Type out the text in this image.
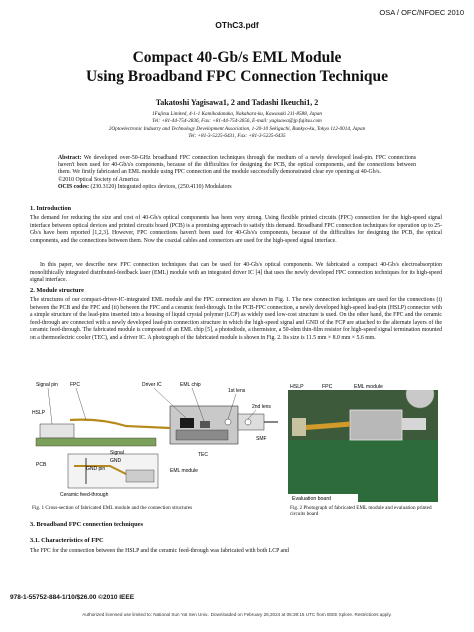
OSA / OFC/NFOEC 2010
OThC3.pdf
Compact 40-Gb/s EML Module
Using Broadband FPC Connection Technique
Takatoshi Yagisawa1, 2 and Tadashi Ikeuchi1, 2
1Fujitsu Limited, 4-1-1 Kamikodanaka, Nakahara-ku, Kawasaki 211-8588, Japan
Tel: +81-44-754-2836, Fax: +81-44-754-2656, E-mail: yagisawa@jp.fujitsu.com
2Optoelectronic Industry and Technology Development Association, 1-20-10 Sekiguchi, Bunkyo-ku, Tokyo 112-0014, Japan
Tel: +81-3-5225-6431, Fax: +81-3-5225-6435
Abstract: We developed over-50-GHz broadband FPC connection techniques through the medium of a newly developed lead-pin. FPC connections haven't been used for 40-Gb/s's components, because of the difficulties for designing the PCB, the optical components, and the connections between them. We firstly fabricated an EML module using FPC connection and the module successfully demonstrated clear eye opening at 40-Gb/s.
©2010 Optical Society of America
OCIS codes: (230.3120) Integrated optics devices, (250.4110) Modulators
1. Introduction
The demand for reducing the size and cost of 40-Gb/s optical components has been very strong. Using flexible printed circuits (FPC) connection for the high-speed signal interface between optical devices and printed circuits board (PCB) is a promising approach to satisfy this demand. Broadband FPC connection techniques for operation up to 25-Gb/s have been reported [1,2,3]. However, FPC connections haven't been used for 40-Gb/s's components, because of the difficulties for designing the PCB, the optical components, and the connections between them. Now the coaxial cables and connectors are used for the high-speed signal interface.
In this paper, we describe new FPC connection techniques that can be used for 40-Gb/s optical components. We fabricated a compact 40-Gb/s electroabsorption monolithically integrated distributed-feedback laser (EML) module with an integrated driver IC [4] that uses the newly developed FPC connection techniques for its high-speed signal interface.
2. Module structure
The structures of our compact-driver-IC-integrated EML module and the FPC connection are shown in Fig. 1. The new connection techniques are used for the connections (i) between the PCB and the FPC and (ii) between the FPC and a ceramic feed-through. In the PCB-FPC connection, a newly developed high-speed lead-pin (HSLP) connector with a simple structure of the lead-pins inserted into a housing of liquid crystal polymer (LCP) as widely used low-cost structure is used. On the other hand, the FPC and the ceramic feed-through are connected with a newly developed lead-pin connection structure in which the high-speed signal and GND of the FCP are attached to the alternate layers of the ceramic feed-through. The fabricated module is composed of an EML chip [5], a photodiode, a thermistor, a 50-ohm thin-film resistor for high-speed signal termination mounted on a thermoelectric cooler (TEC), and a driver IC. A photograph of the fabricated module is shown in Fig. 2. Its size is 11.5 mm × 8.0 mm × 5.6 mm.
Signal pin FPC	Driver IC	EML chip
1st lens
2nd lens
HSLP
Signal
GND
GND pin
PCB
Ceramic feed-through
EML module
TEC
SMF
Fig. 1 Cross-section of fabricated EML module and the connection structures
HSLP	FPC	EML module
Evaluation board
Fig. 2 Photograph of fabricated EML module and evaluation printed circuits board
3. Broadband FPC connection techniques
3.1. Characteristics of FPC
The FPC for the connection between the HSLP and the ceramic feed-through was fabricated with both LCP and
978-1-55752-884-1/10/$26.00 ©2010 IEEE
Authorized licensed use limited to: National Sun Yat Sen Univ.. Downloaded on February 28,2024 at 05:39:15 UTC from IEEE Xplore. Restrictions apply.
